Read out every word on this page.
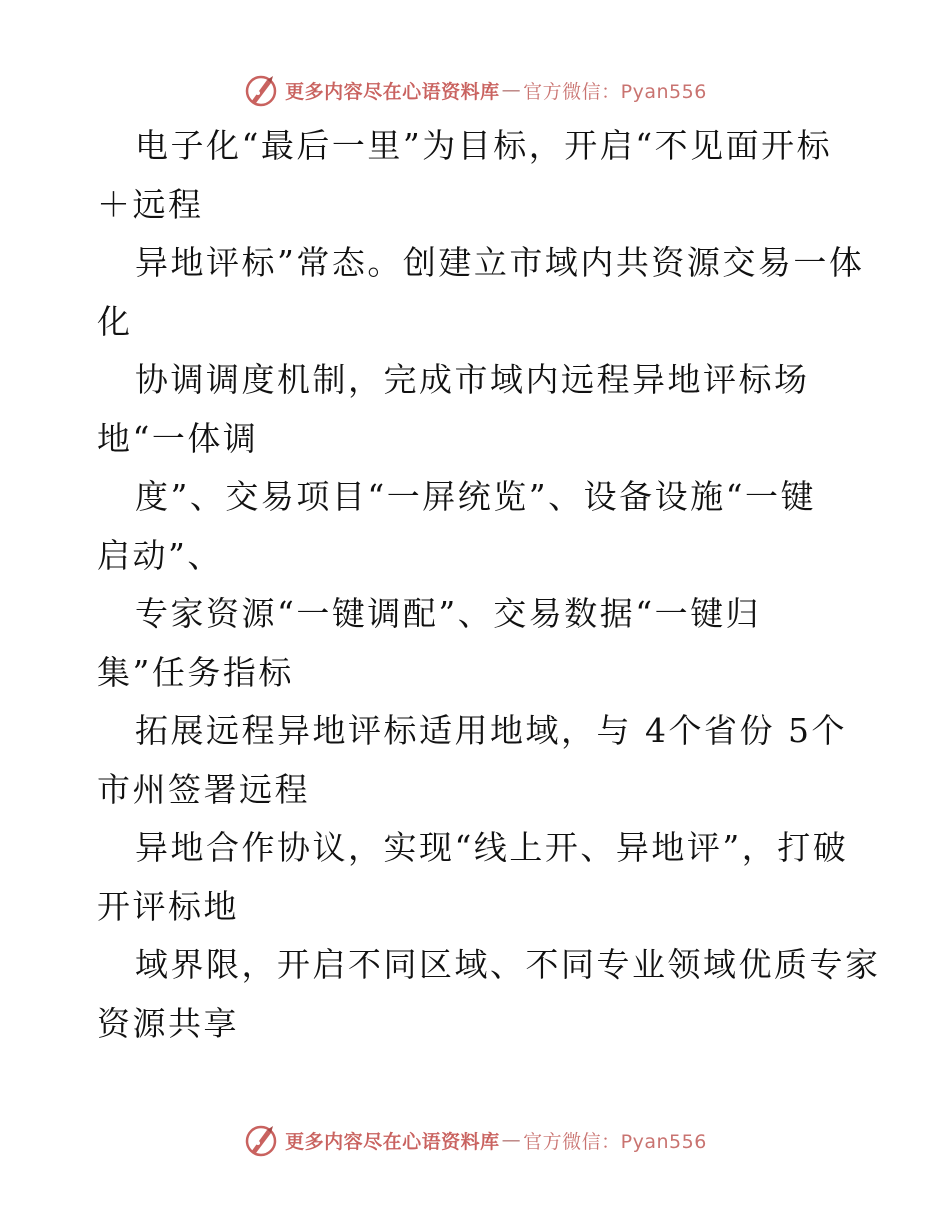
更多内容尽在心语资料库 — 官方微信：Pyan556

电子化“最后一里”为目标，开启“不见面开标

＋远程

异地评标”常态。创建立市域内共资源交易一体

化

协调调度机制，完成市域内远程异地评标场

地“一体调

度”、交易项目“一屏统览”、设备设施“一键

启动”、

专家资源“一键调配”、交易数据“一键归

集”任务指标

拓展远程异地评标适用地域，与 4个省份 5个

市州签署远程

异地合作协议，实现“线上开、异地评”，打破

开评标地

域界限，开启不同区域、不同专业领域优质专家

资源共享

更多内容尽在心语资料库 — 官方微信：Pyan556
